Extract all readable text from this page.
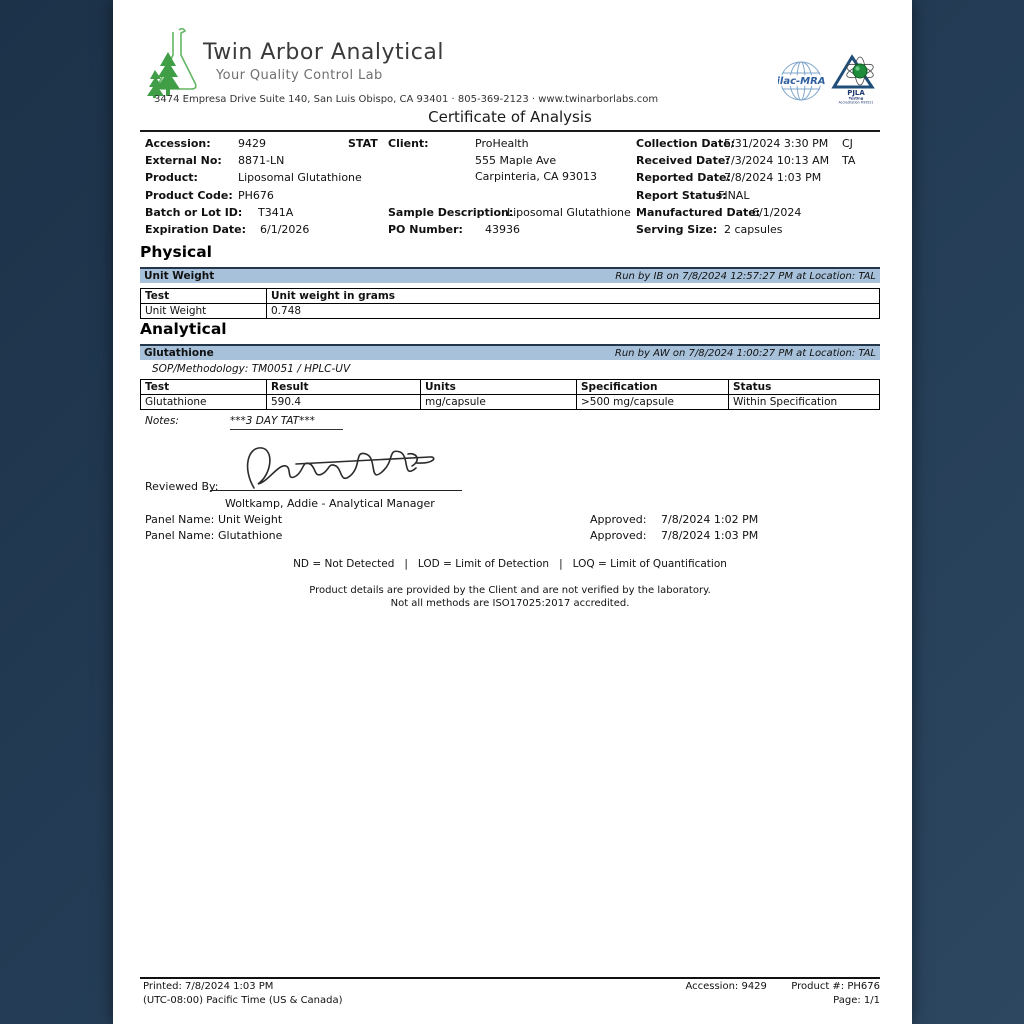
Twin Arbor Analytical
Your Quality Control Lab
3474 Empresa Drive Suite 140, San Luis Obispo, CA 93401 · 805-369-2123 · www.twinarborlabs.com
ilac-MRA
PJLA
Testing
Accreditation #99521
Certificate of Analysis
Accession: 9429
External No: 8871-LN
Product:	Liposomal Glutathione
Product Code: PH676
Batch or Lot ID: T341A
Expiration Date: 6/1/2026
STAT Client:	ProHealth
555 Maple Ave
Carpinteria, CA 93013
Sample Description:
Liposomal Glutathione
PO Number: 43936
Collection Date:
5/31/2024 3:30 PM CJ
Received Date:
7/3/2024 10:13 AM TA
Reported Date:
7/8/2024 1:03 PM
Report Status:
FINAL
Manufactured Date:
6/1/2024
Serving Size: 2 capsules
Physical
Unit Weight	Run by IB on 7/8/2024 12:57:27 PM at Location: TAL
Test	Unit weight in grams
Unit Weight	0.748
Analytical
Glutathione	Run by AW on 7/8/2024 1:00:27 PM at Location: TAL
SOP/Methodology: TM0051 / HPLC-UV
Test	Result	Units	Specification	Status
Glutathione	590.4	mg/capsule	>500 mg/capsule	Within Specification
Notes:	***3 DAY TAT***
Reviewed By:
Woltkamp, Addie - Analytical Manager
Panel Name: Unit Weight	Approved: 7/8/2024 1:02 PM
Panel Name: Glutathione	Approved: 7/8/2024 1:03 PM
ND = Not Detected   |   LOD = Limit of Detection   |   LOQ = Limit of Quantification
Product details are provided by the Client and are not verified by the laboratory.
Not all methods are ISO17025:2017 accredited.
Printed: 7/8/2024 1:03 PM
(UTC-08:00) Pacific Time (US & Canada)
Accession: 9429 Product #: PH676
Page: 1/1
